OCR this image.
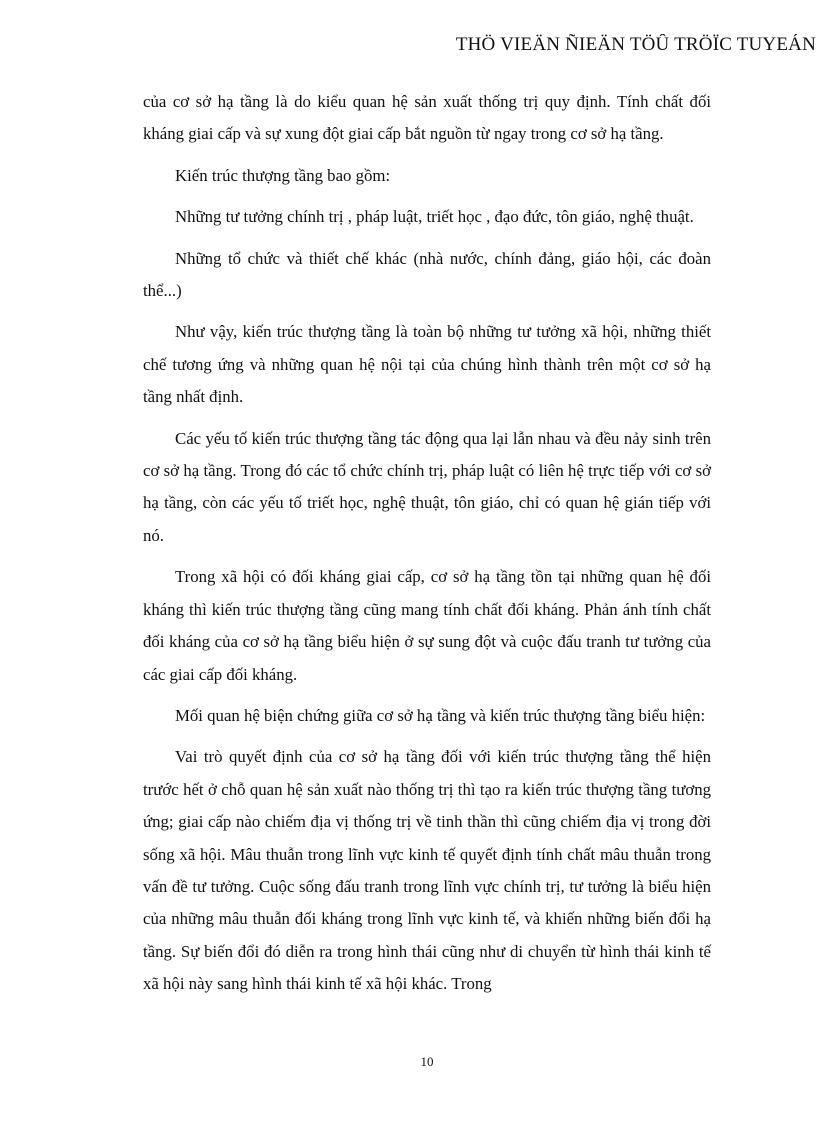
THÖ VIEÄN ÑIEÄN TÖÛ TRÖÏC TUYEÁN

của cơ sở hạ tầng là do kiểu quan hệ sản xuất thống trị quy định. Tính chất đối kháng giai cấp và sự xung đột giai cấp bắt nguồn từ ngay trong cơ sở hạ tầng.

Kiến trúc thượng tầng bao gồm:

Những tư tưởng chính trị , pháp luật, triết học , đạo đức, tôn giáo, nghệ thuật.

Những tổ chức và thiết chế khác (nhà nước, chính đảng, giáo hội, các đoàn thể...)

Như vậy, kiến trúc thượng tầng là toàn bộ những tư tưởng xã hội, những thiết chế tương ứng và những quan hệ nội tại của chúng hình thành trên một cơ sở hạ tầng nhất định.

Các yếu tố kiến trúc thượng tầng tác động qua lại lẫn nhau và đều nảy sinh trên cơ sở hạ tầng. Trong đó các tổ chức chính trị, pháp luật có liên hệ trực tiếp với cơ sở hạ tầng, còn các yếu tố triết học, nghệ thuật, tôn giáo, chỉ có quan hệ gián tiếp với nó.

Trong xã hội có đối kháng giai cấp, cơ sở hạ tầng tồn tại những quan hệ đối kháng thì kiến trúc thượng tầng cũng mang tính chất đối kháng. Phản ánh tính chất đối kháng của cơ sở hạ tầng biểu hiện ở sự sung đột và cuộc đấu tranh tư tưởng của các giai cấp đối kháng.

Mối quan hệ biện chứng giữa cơ sở hạ tầng và kiến trúc thượng tầng biểu hiện:

Vai trò quyết định của cơ sở hạ tầng đối với kiến trúc thượng tầng thể hiện trước hết ở chỗ quan hệ sản xuất nào thống trị thì tạo ra kiến trúc thượng tầng tương ứng; giai cấp nào chiếm địa vị thống trị về tinh thần thì cũng chiếm địa vị trong đời sống xã hội. Mâu thuẫn trong lĩnh vực kinh tế quyết định tính chất mâu thuẫn trong vấn đề tư tưởng. Cuộc sống đấu tranh trong lĩnh vực chính trị, tư tưởng là biểu hiện của những mâu thuẫn đối kháng trong lĩnh vực kinh tế, và khiến những biến đổi hạ tầng. Sự biến đổi đó diễn ra trong hình thái cũng như di chuyển từ hình thái kinh tế xã hội này sang hình thái kinh tế xã hội khác. Trong

10
